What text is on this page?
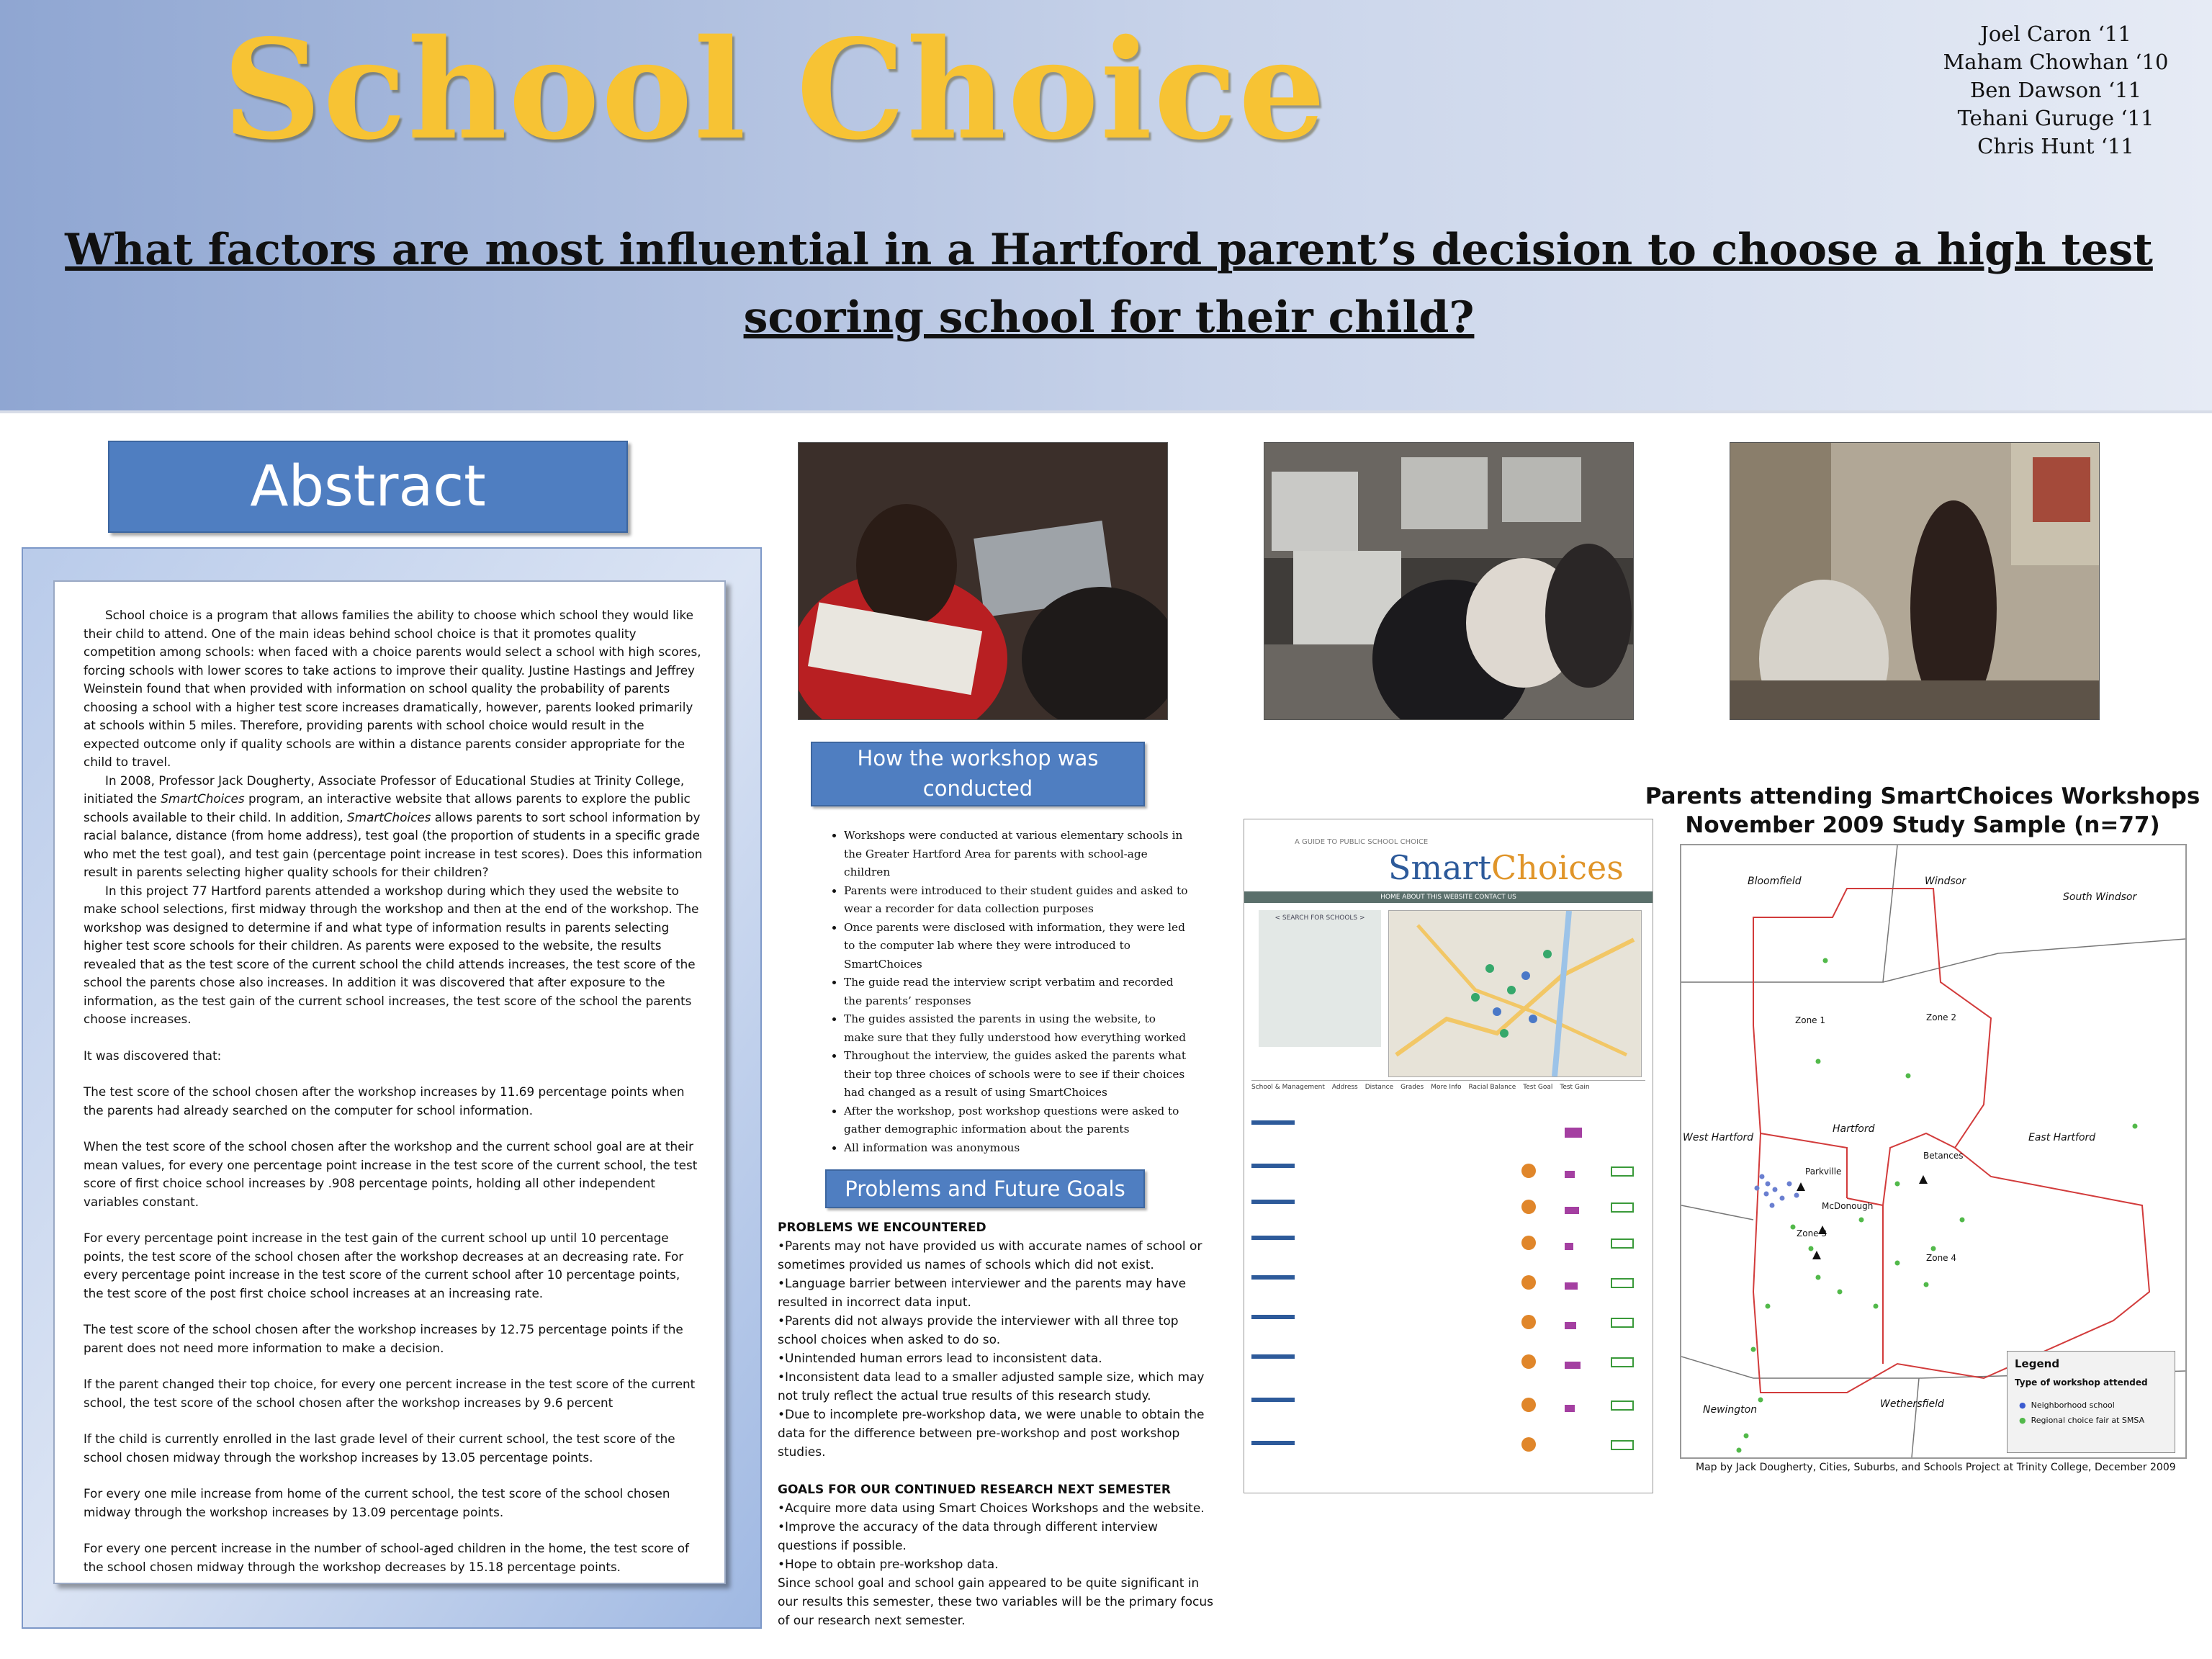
School Choice	Joel Caron ‘11
Maham Chowhan ‘10
Ben Dawson ‘11
Tehani Guruge ‘11
Chris Hunt ‘11
What factors are most influential in a Hartford parent’s decision to choose a high test scoring school for their child?
Abstract

School choice is a program that allows families the ability to choose which school they would like their child to attend. One of the main ideas behind school choice is that it promotes quality competition among schools: when faced with a choice parents would select a school with high scores, forcing schools with lower scores to take actions to improve their quality. Justine Hastings and Jeffrey Weinstein found that when provided with information on school quality the probability of parents choosing a school with a higher test score increases dramatically, however, parents looked primarily at schools within 5 miles. Therefore, providing parents with school choice would result in the expected outcome only if quality schools are within a distance parents consider appropriate for the child to travel.

In 2008, Professor Jack Dougherty, Associate Professor of Educational Studies at Trinity College, initiated the SmartChoices program, an interactive website that allows parents to explore the public schools available to their child. In addition, SmartChoices allows parents to sort school information by racial balance, distance (from home address), test goal (the proportion of students in a specific grade who met the test goal), and test gain (percentage point increase in test scores). Does this information result in parents selecting higher quality schools for their children?

In this project 77 Hartford parents attended a workshop during which they used the website to make school selections, first midway through the workshop and then at the end of the workshop. The workshop was designed to determine if and what type of information results in parents selecting higher test score schools for their children. As parents were exposed to the website, the results revealed that as the test score of the current school the child attends increases, the test score of the school the parents chose also increases. In addition it was discovered that after exposure to the information, as the test gain of the current school increases, the test score of the school the parents choose increases.

It was discovered that:

The test score of the school chosen after the workshop increases by 11.69 percentage points when the parents had already searched on the computer for school information.

When the test score of the school chosen after the workshop and the current school goal are at their mean values, for every one percentage point increase in the test score of the current school, the test score of first choice school increases by .908 percentage points, holding all other independent variables constant.

For every percentage point increase in the test gain of the current school up until 10 percentage points, the test score of the school chosen after the workshop decreases at an decreasing rate. For every percentage point increase in the test score of the current school after 10 percentage points, the test score of the post first choice school increases at an increasing rate.

The test score of the school chosen after the workshop increases by 12.75 percentage points if the parent does not need more information to make a decision.

If the parent changed their top choice, for every one percent increase in the test score of the current school, the test score of the school chosen after the workshop increases by 9.6 percent

If the child is currently enrolled in the last grade level of their current school, the test score of the school chosen midway through the workshop increases by 13.05 percentage points.

For every one mile increase from home of the current school, the test score of the school chosen midway through the workshop increases by 13.09 percentage points.

For every one percent increase in the number of school-aged children in the home, the test score of the school chosen midway through the workshop decreases by 15.18 percentage points.

How the workshop was conducted
• Workshops were conducted at various elementary schools in the Greater Hartford Area for parents with school-age children
• Parents were introduced to their student guides and asked to wear a recorder for data collection purposes
• Once parents were disclosed with information, they were led to the computer lab where they were introduced to SmartChoices
• The guide read the interview script verbatim and recorded the parents’ responses
• The guides assisted the parents in using the website, to make sure that they fully understood how everything worked
• Throughout the interview, the guides asked the parents what their top three choices of schools were to see if their choices had changed as a result of using SmartChoices
• After the workshop, post workshop questions were asked to gather demographic information about the parents
• All information was anonymous
Problems and Future Goals
PROBLEMS WE ENCOUNTERED
•Parents may not have provided us with accurate names of school or sometimes provided us names of schools which did not exist.
•Language barrier between interviewer and the parents may have resulted in incorrect data input.
•Parents did not always provide the interviewer with all three top school choices when asked to do so.
•Unintended human errors lead to inconsistent data.
•Inconsistent data lead to a smaller adjusted sample size, which may not truly reflect the actual true results of this research study.
•Due to incomplete pre-workshop data, we were unable to obtain the data for the difference between pre-workshop and post workshop studies.
GOALS FOR OUR CONTINUED RESEARCH NEXT SEMESTER
•Acquire more data using Smart Choices Workshops and the website.
•Improve the accuracy of the data through different interview questions if possible.
•Hope to obtain pre-workshop data.
Since school goal and school gain appeared to be quite significant in our results this semester, these two variables will be the primary focus of our research next semester.
A GUIDE TO PUBLIC SCHOOL CHOICE
SmartChoices
HOME ABOUT THIS WEBSITE CONTACT US
< SEARCH FOR SCHOOLS >
School & Management Address Distance Grades More Info Racial Balance Test Goal Test Gain
Parents attending SmartChoices Workshops
November 2009 Study Sample (n=77)
Bloomfield	Windsor
South Windsor
West Hartford
Hartford
East Hartford
Newington	Wethersfield
Zone 1	Zone 2
Zone 3
Zone 4
Parkville
McDonough
Betances
Legend
Type of workshop attended
● Neighborhood school
● Regional choice fair at SMSA
Map by Jack Dougherty, Cities, Suburbs, and Schools Project at Trinity College, December 2009
